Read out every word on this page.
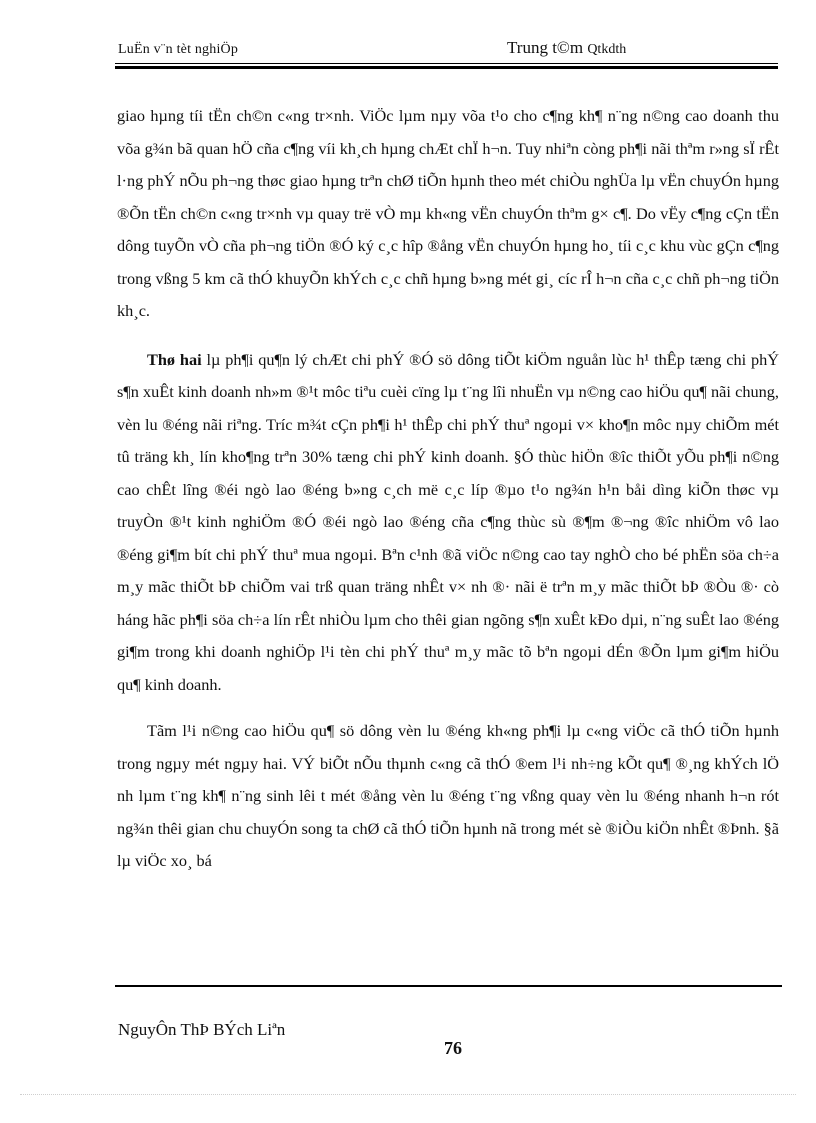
LuËn v¨n tèt nghiÖp	Trung t©m Qtkdth

giao hµng tíi tËn ch©n c«ng tr×nh. ViÖc lµm nµy võa t¹o cho c¶ng kh¶ n¨ng n©ng cao doanh thu võa g¾n bã quan hÖ cña c¶ng víi kh¸ch hµng chÆt chÏ h¬n. Tuy nhiªn còng ph¶i nãi thªm r»ng sÏ rÊt l·ng phÝ nÕu ph¬ng thøc giao hµng trªn chØ tiÕn hµnh theo mét chiÒu nghÜa lµ vËn chuyÓn hµng ®Õn tËn ch©n c«ng tr×nh vµ quay trë vÒ mµ kh«ng vËn chuyÓn thªm g× c¶. Do vËy c¶ng cÇn tËn dông tuyÕn vÒ cña ph¬ng tiÖn ®Ó ký c¸c hîp ®ång vËn chuyÓn hµng ho¸ tíi c¸c khu vùc gÇn c¶ng trong vßng 5 km cã thÓ khuyÕn khÝch c¸c chñ hµng b»ng mét gi¸ cíc rÎ h¬n cña c¸c chñ ph¬ng tiÖn kh¸c.

Thø hai lµ ph¶i qu¶n lý chÆt chi phÝ ®Ó sö dông tiÕt kiÖm nguån lùc h¹ thÊp tæng chi phÝ s¶n xuÊt kinh doanh nh»m ®¹t môc tiªu cuèi cïng lµ t¨ng lîi nhuËn vµ n©ng cao hiÖu qu¶ nãi chung, vèn lu ®éng nãi riªng. Tríc m¾t cÇn ph¶i h¹ thÊp chi phÝ thuª ngoµi v× kho¶n môc nµy chiÕm mét tû träng kh¸ lín kho¶ng trªn 30% tæng chi phÝ kinh doanh. §Ó thùc hiÖn ®îc thiÕt yÕu ph¶i n©ng cao chÊt lîng ®éi ngò lao ®éng b»ng c¸ch më c¸c líp ®µo t¹o ng¾n h¹n båi dìng kiÕn thøc vµ truyÒn ®¹t kinh nghiÖm ®Ó ®éi ngò lao ®éng cña c¶ng thùc sù ®¶m ®¬ng ®îc nhiÖm vô lao ®éng gi¶m bít chi phÝ thuª mua ngoµi. Bªn c¹nh ®ã viÖc n©ng cao tay nghÒ cho bé phËn söa ch÷a m¸y mãc thiÕt bÞ chiÕm vai trß quan träng nhÊt v× nh ®· nãi ë trªn m¸y mãc thiÕt bÞ ®Òu ®· cò háng hãc ph¶i söa ch÷a lín rÊt nhiÒu lµm cho thêi gian ngõng s¶n xuÊt kÐo dµi, n¨ng suÊt lao ®éng gi¶m trong khi doanh nghiÖp l¹i tèn chi phÝ thuª m¸y mãc tõ bªn ngoµi dÉn ®Õn lµm gi¶m hiÖu qu¶ kinh doanh.

Tãm l¹i n©ng cao hiÖu qu¶ sö dông vèn lu ®éng kh«ng ph¶i lµ c«ng viÖc cã thÓ tiÕn hµnh trong ngµy mét ngµy hai. VÝ biÕt nÕu thµnh c«ng cã thÓ ®em l¹i nh÷ng kÕt qu¶ ®¸ng khÝch lÖ nh lµm t¨ng kh¶ n¨ng sinh lêi t mét ®ång vèn lu ®éng t¨ng vßng quay vèn lu ®éng nhanh h¬n rót ng¾n thêi gian chu chuyÓn song ta chØ cã thÓ tiÕn hµnh nã trong mét sè ®iÒu kiÖn nhÊt ®Þnh. §ã lµ viÖc xo¸ bá

NguyÔn ThÞ BÝch Liªn
76
